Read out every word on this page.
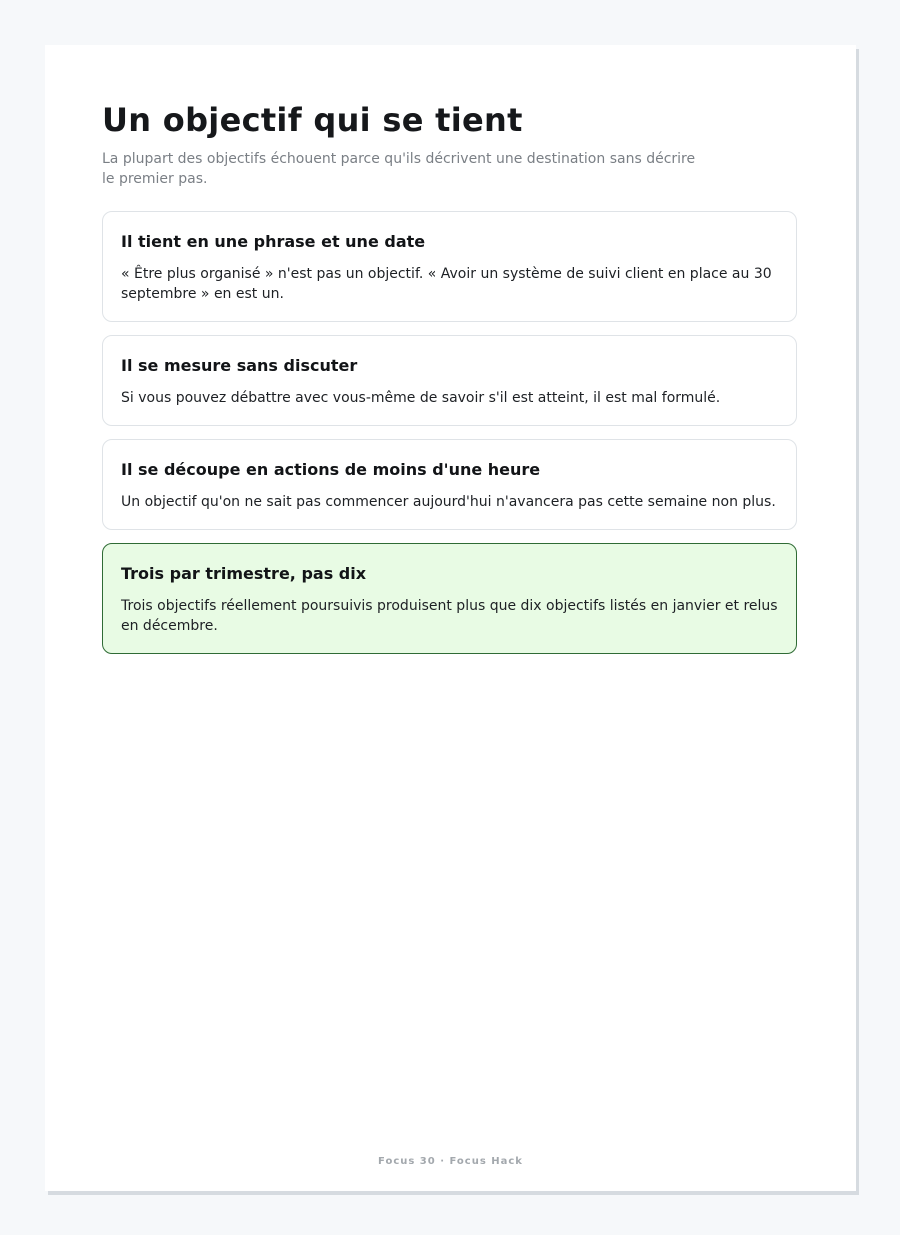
Un objectif qui se tient

La plupart des objectifs échouent parce qu'ils décrivent une destination sans décrire le premier pas.

Il tient en une phrase et une date

« Être plus organisé » n'est pas un objectif. « Avoir un système de suivi client en place au 30 septembre » en est un.

Il se mesure sans discuter

Si vous pouvez débattre avec vous-même de savoir s'il est atteint, il est mal formulé.

Il se découpe en actions de moins d'une heure

Un objectif qu'on ne sait pas commencer aujourd'hui n'avancera pas cette semaine non plus.

Trois par trimestre, pas dix

Trois objectifs réellement poursuivis produisent plus que dix objectifs listés en janvier et relus en décembre.

Focus 30 · Focus Hack
